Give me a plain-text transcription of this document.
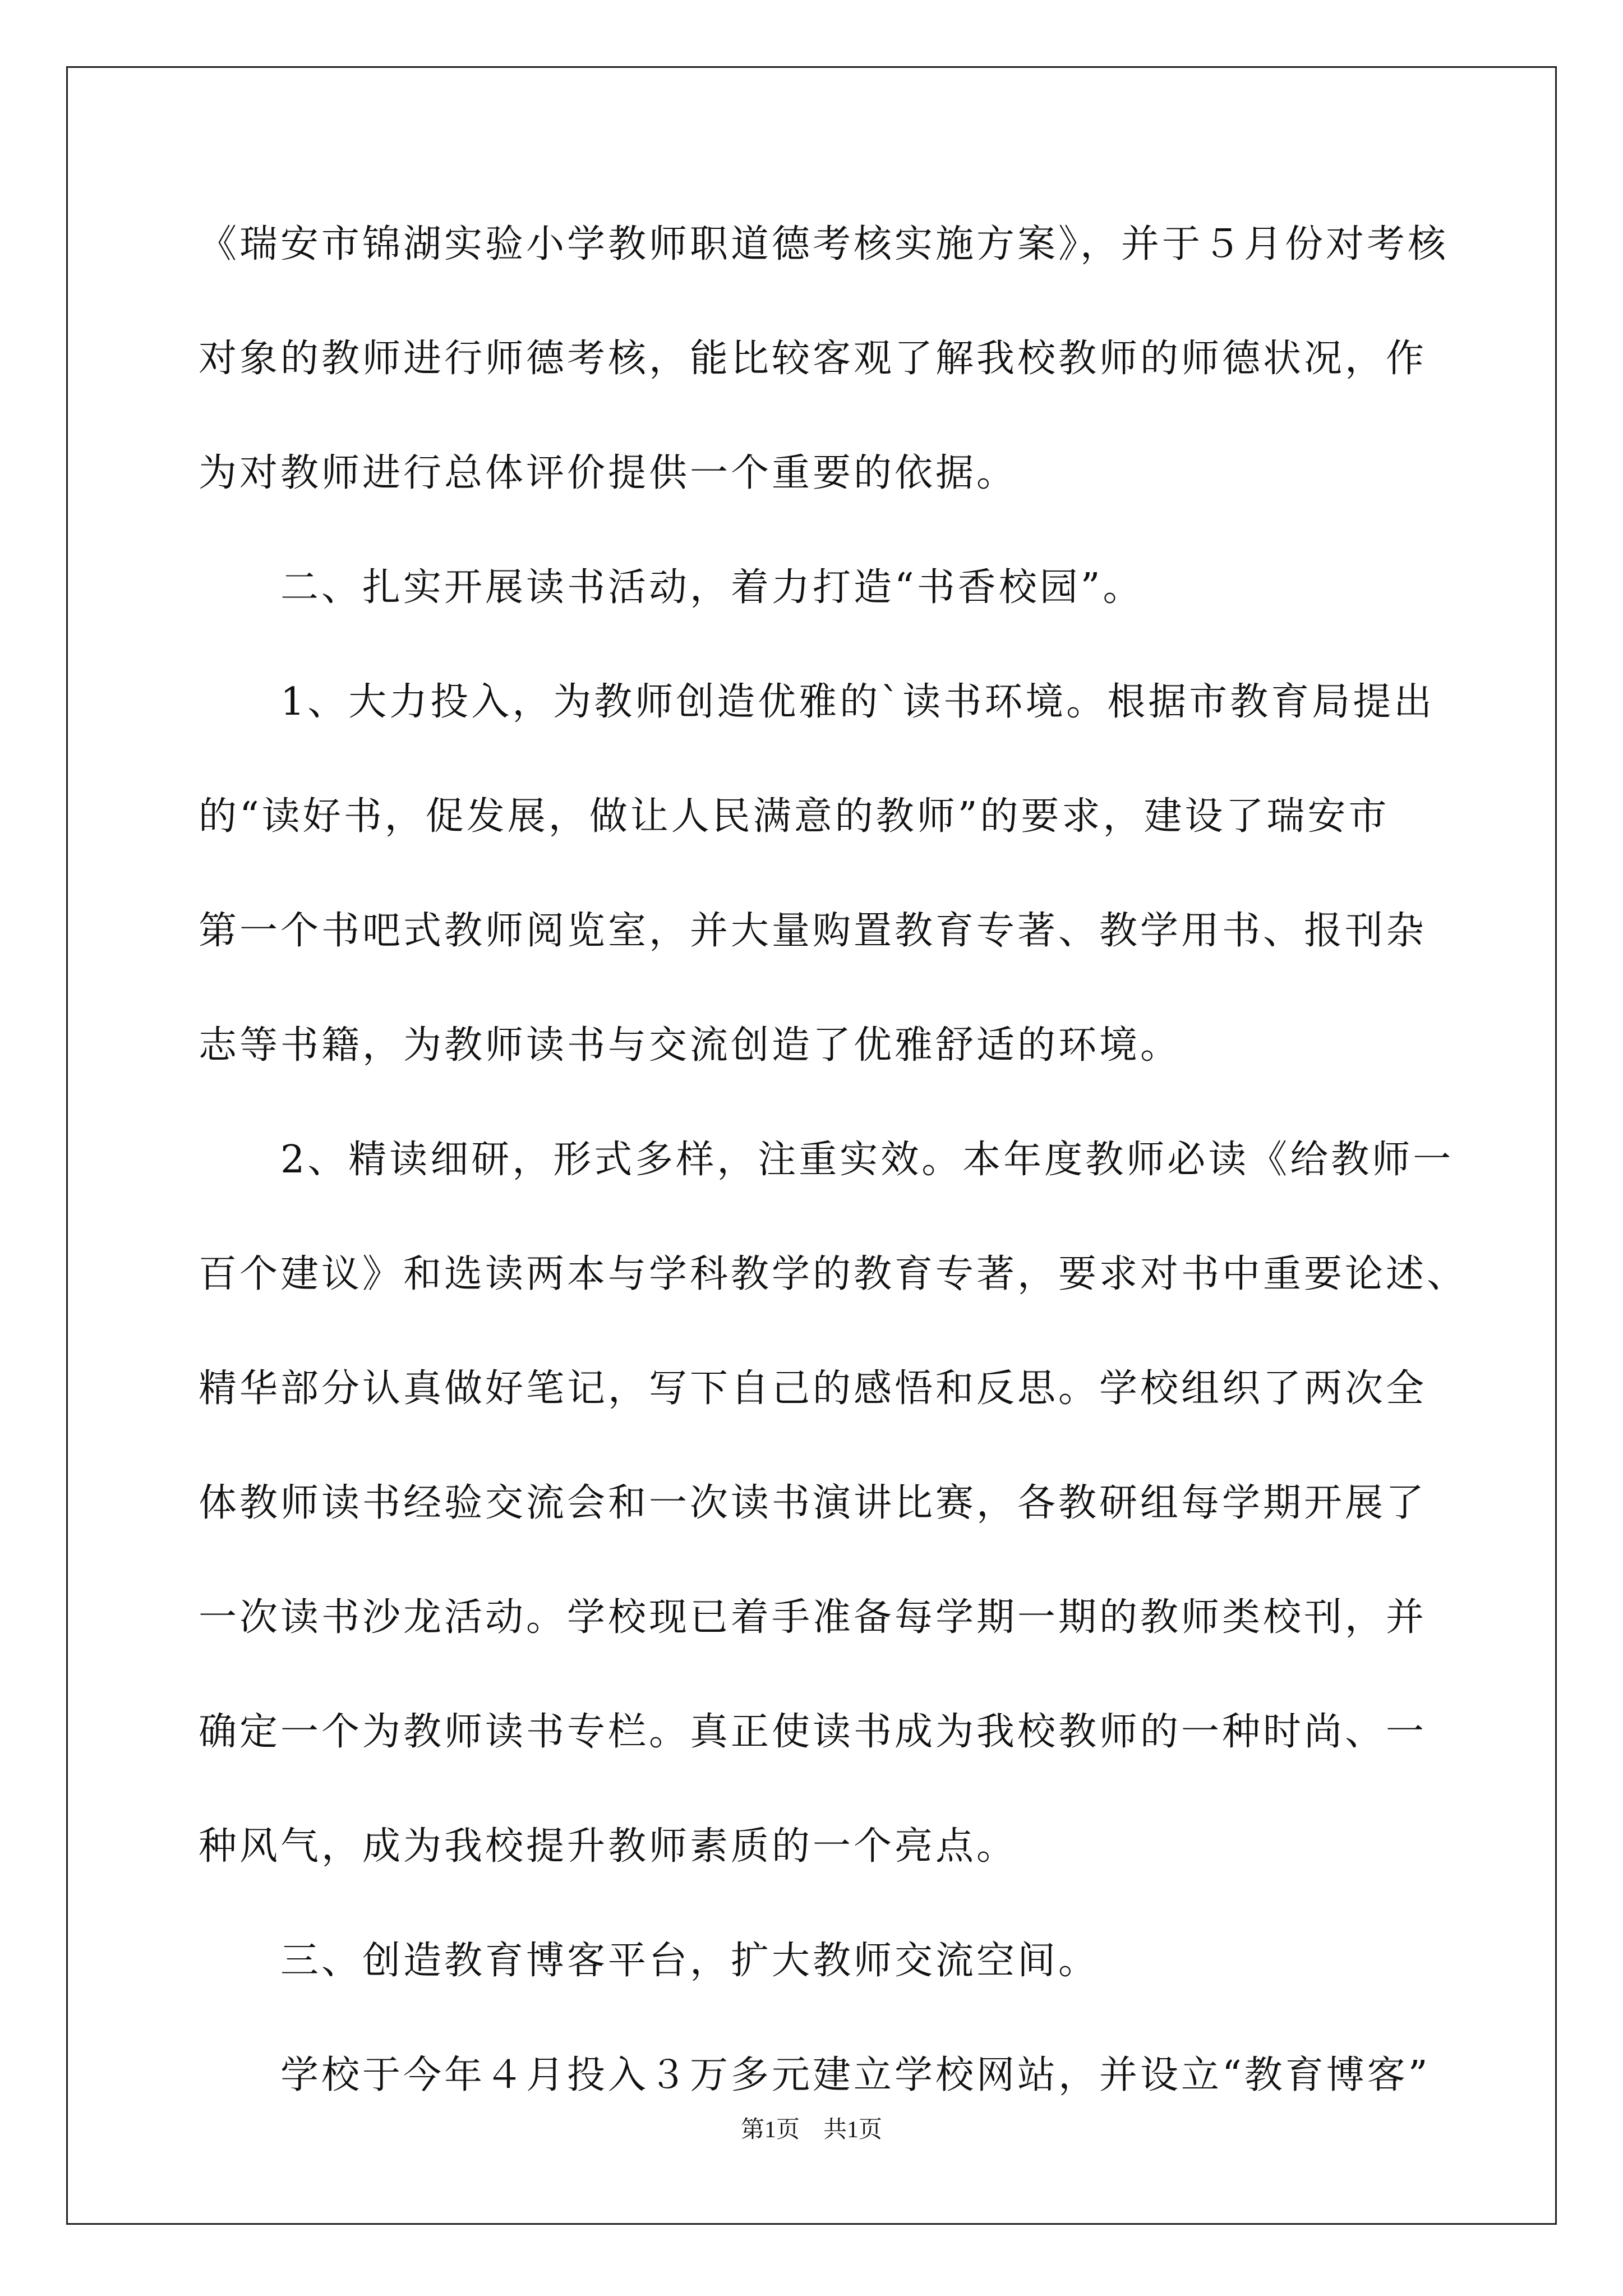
《瑞安市锦湖实验小学教师职道德考核实施方案》，并于５月份对考核

对象的教师进行师德考核，能比较客观了解我校教师的师德状况，作

为对教师进行总体评价提供一个重要的依据。

　　二、扎实开展读书活动，着力打造“书香校园”。

　　1、大力投入，为教师创造优雅的`读书环境。根据市教育局提出

的“读好书，促发展，做让人民满意的教师”的要求，建设了瑞安市

第一个书吧式教师阅览室，并大量购置教育专著、教学用书、报刊杂

志等书籍，为教师读书与交流创造了优雅舒适的环境。

　　2、精读细研，形式多样，注重实效。本年度教师必读《给教师一

百个建议》和选读两本与学科教学的教育专著，要求对书中重要论述、

精华部分认真做好笔记，写下自己的感悟和反思。学校组织了两次全

体教师读书经验交流会和一次读书演讲比赛，各教研组每学期开展了

一次读书沙龙活动。学校现已着手准备每学期一期的教师类校刊，并

确定一个为教师读书专栏。真正使读书成为我校教师的一种时尚、一

种风气，成为我校提升教师素质的一个亮点。

　　三、创造教育博客平台，扩大教师交流空间。

　　学校于今年４月投入３万多元建立学校网站，并设立“教育博客”

第1页　共1页
